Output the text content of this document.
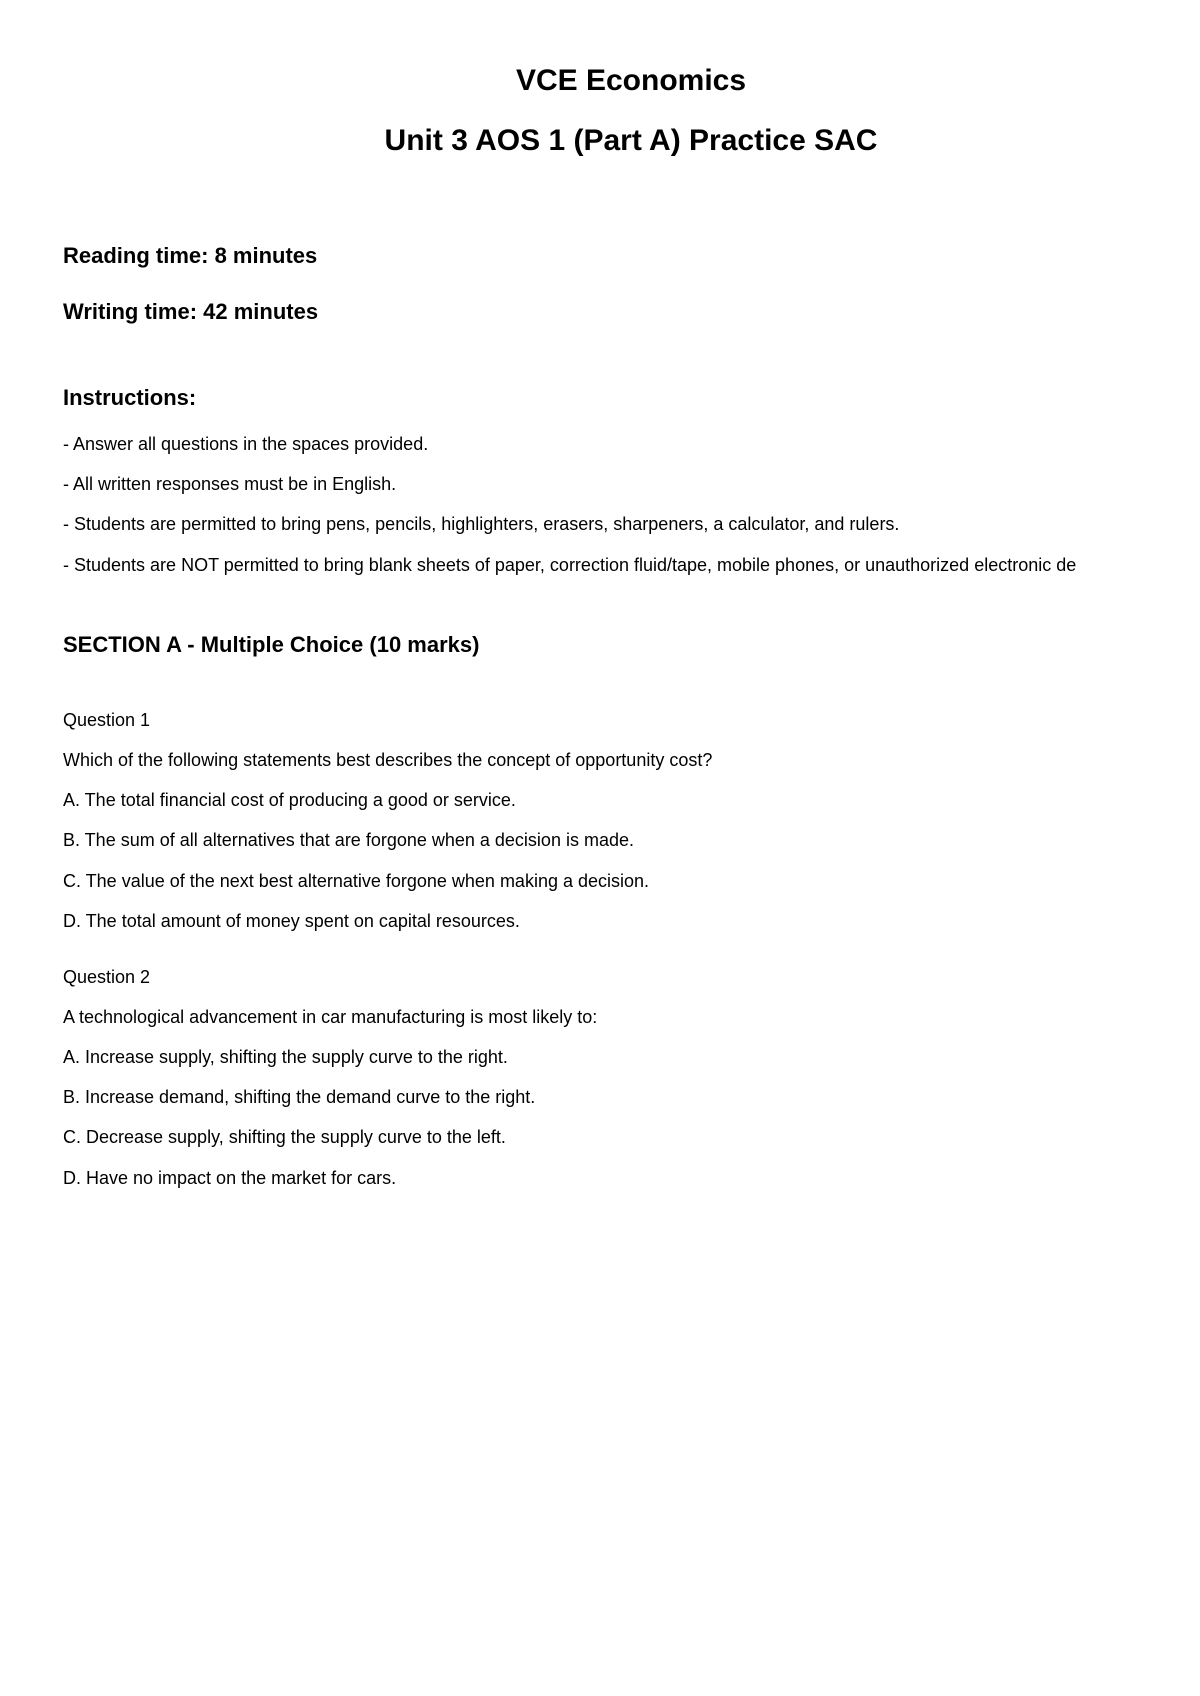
VCE Economics
Unit 3 AOS 1 (Part A) Practice SAC
Reading time: 8 minutes
Writing time: 42 minutes
Instructions:
- Answer all questions in the spaces provided.
- All written responses must be in English.
- Students are permitted to bring pens, pencils, highlighters, erasers, sharpeners, a calculator, and rulers.
- Students are NOT permitted to bring blank sheets of paper, correction fluid/tape, mobile phones, or unauthorized electronic de
SECTION A - Multiple Choice (10 marks)
Question 1
Which of the following statements best describes the concept of opportunity cost?
A. The total financial cost of producing a good or service.
B. The sum of all alternatives that are forgone when a decision is made.
C. The value of the next best alternative forgone when making a decision.
D. The total amount of money spent on capital resources.
Question 2
A technological advancement in car manufacturing is most likely to:
A. Increase supply, shifting the supply curve to the right.
B. Increase demand, shifting the demand curve to the right.
C. Decrease supply, shifting the supply curve to the left.
D. Have no impact on the market for cars.
